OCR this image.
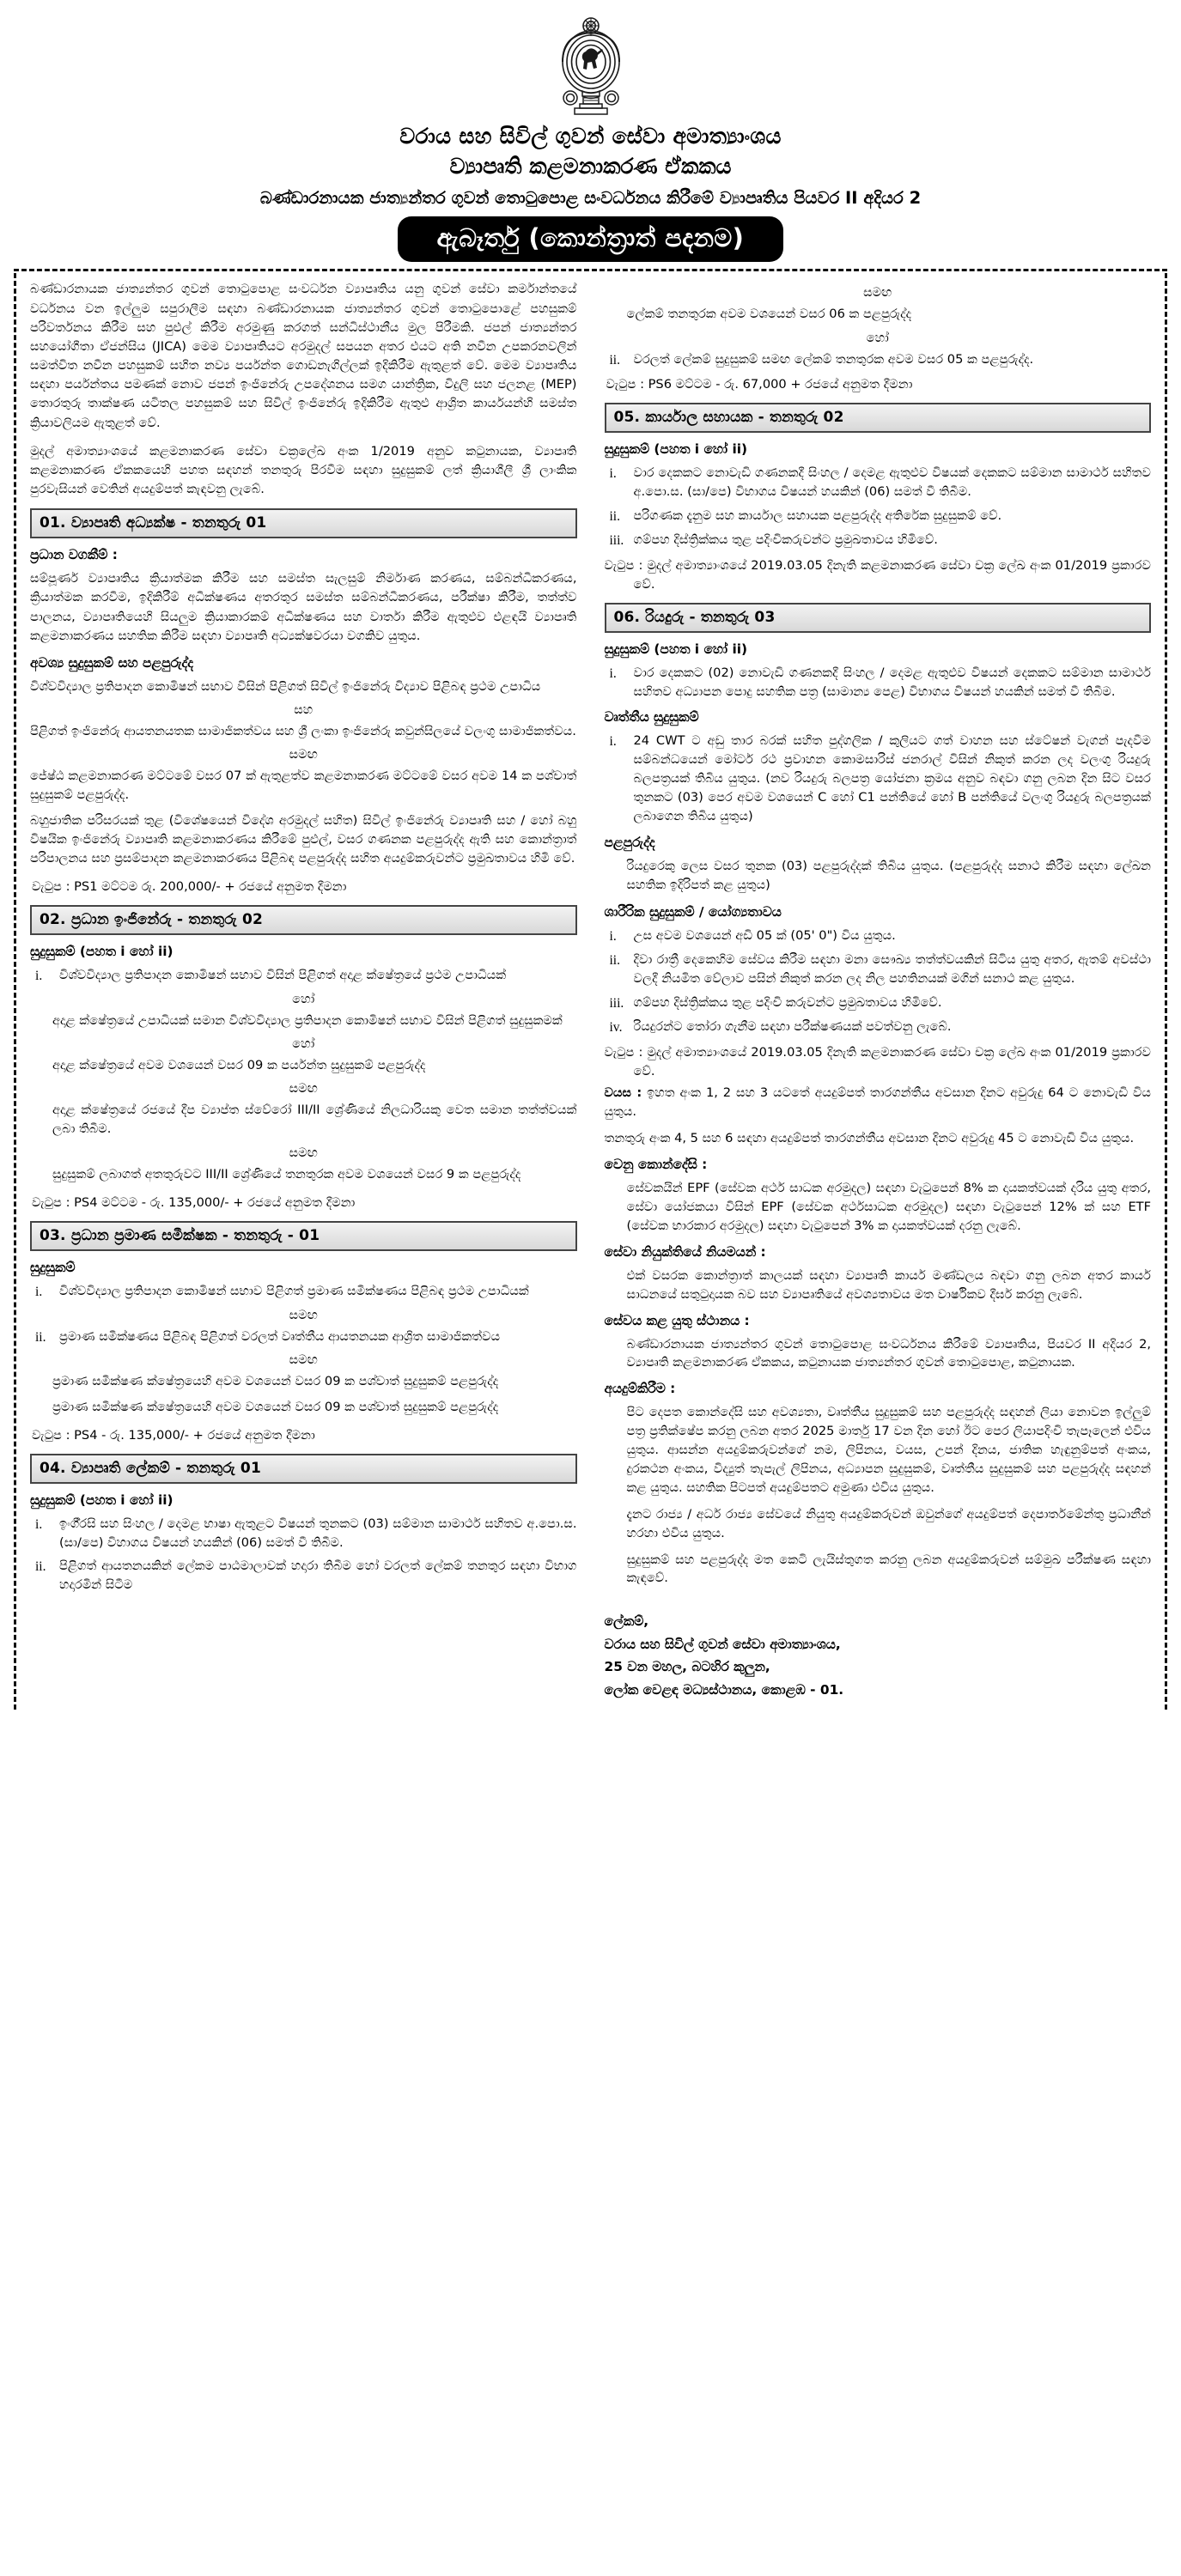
වරාය සහ සිවිල් ගුවන් සේවා අමාත්‍යාංශය
ව්‍යාපෘති කළමනාකරණ ඒකකය
බණ්ඩාරනායක ජාත්‍යන්තර ගුවන් තොටුපොළ සංවර්ධනය කිරීමේ ව්‍යාපෘතිය පියවර II අදියර 2
ඇබෑර්තු (කොන්ත්‍රාත් පදනම)

බණ්ඩාරනායක ජාත්‍යන්තර ගුවන් තොටුපොළ සංවර්ධන ව්‍යාපෘතිය යනු ගුවන් සේවා කර්මාන්තයේ වර්ධනය වන ඉල්ලුම සපුරාලීම සඳහා බණ්ඩාරනායක ජාත්‍යන්තර ගුවන් තොටුපොළේ පහසුකම් පරිවර්තනය කිරීම සහ පුළුල් කිරීම අරමුණු කරගත් සන්ධිස්ථානීය මුල පිරීමකි. ජපන් ජාත්‍යන්තර සහයෝගීතා ඒජන්සිය (JICA) මෙම ව්‍යාපෘතියට අරමුදල් සපයන අතර එයට අති නවීන උපකරනවලින් සමත්විත නවීන පහසුකම් සහිත නව්‍ය පර්යන්ත ගොඩනැගිල්ලක් ඉදිකිරීම ඇතුළත් වේ. මෙම ව්‍යාපෘතිය සඳහා පර්යන්තය පමණක් නොව ජපන් ඉංජිනේරු උපදේශනය සමග යාන්ත්‍රික, විදුලි සහ ජලනළ (MEP) තොරතුරු තාක්ෂණ යටිතල පහසුකම් සහ සිවිල් ඉංජිනේරු ඉදිකිරීම ඇතුළු ආශ්‍රිත කාර්යයන්හි සමස්ත ක්‍රියාවලියම ඇතුළත් වේ.

මුදල් අමාත්‍යාංශයේ කළමනාකරණ සේවා චක්‍රලේඛ අංක 1/2019 අනුව කටුනායක, ව්‍යාපෘති කළමනාකරණ ඒකකයෙහි පහත සඳහන් තනතුරු පිරවීම සඳහා සුදුසුකම් ලත් ක්‍රියාශීලී ශ්‍රී ලාංකික පුරවැසියන් වෙතින් අයදුම්පත් කැඳවනු ලැබේ.

01. ව්‍යාපෘති අධ්‍යක්ෂ - තනතුරු 01
ප්‍රධාන වගකීම් :

සම්පූර්ණ ව්‍යාපෘතිය ක්‍රියාත්මක කිරීම සහ සමස්ත සැලසුම් නිර්මාණ කරණය, සම්බන්ධීකරණය, ක්‍රියාත්මක කරවීම, ඉදිකිරීම් අධීක්ෂණය අතරතුර සමස්ත සම්බන්ධීකරණය, පරීක්ෂා කිරීම, තත්ත්ව පාලනය, ව්‍යාපෘතියෙහි සියලුම ක්‍රියාකාරකම් අධීක්ෂණය සහ වාර්තා කිරීම ඇතුළුව එළඳයි ව්‍යාපෘති කළමනාකරණය සහතික කිරීම සඳහා ව්‍යාපෘති අධ්‍යක්ෂවරයා වගකිව යුතුය.

අවශ්‍ය සුදුසුකම් සහ පළපුරුද්ද

විශ්වවිද්‍යාල ප්‍රතිපාදන කොමිෂන් සභාව විසින් පිළිගත් සිවිල් ඉංජිනේරු විද්‍යාව පිළිබඳ ප්‍රථම උපාධිය

සහ

පිළිගත් ඉංජිනේරු ආයතනයතක සාමාජිකත්වය සහ ශ්‍රී ලංකා ඉංජිනේරු කවුන්සිලයේ වලංගු සාමාජිකත්වය.

සමඟ

ජේෂ්ඨ කළමනාකරණ මට්ටමේ වසර 07 ක් ඇතුළත්ව කළමනාකරණ මට්ටමේ වසර අවම 14 ක පශ්චාත් සුදුසුකම් පළපුරුද්ද.

බහුජාතික පරිසරයක් තුළ (විශේෂයෙන් විදේශ අරමුදල් සහිත) සිවිල් ඉංජිනේරු ව්‍යාපෘති සහ / හෝ බහු විෂයික ඉංජිනේරු ව්‍යාපෘති කළමනාකරණය කිරීමේ පුළුල්, වසර ගණනක පළපුරුද්ද ඇති සහ කොන්ත්‍රාත් පරිපාලනය සහ ප්‍රසම්පාදන කළමනාකරණය පිළිබඳ පළපුරුද්ද සහිත අයදුම්කරුවන්ට ප්‍රමුඛතාවය හිමි වේ.

වැටුප : PS1 මට්ටම රු. 200,000/- + රජයේ අනුමත දීමනා
02. ප්‍රධාන ඉංජිනේරු - තනතුරු 02
සුදුසුකම් (පහත i හෝ ii)
විශ්වවිද්‍යාල ප්‍රතිපාදන කොමිෂන් සභාව විසින් පිළිගත් අදාළ ක්ෂේත්‍රයේ ප්‍රථම උපාධියක්
හෝ

අදාළ ක්ෂේත්‍රයේ උපාධියක් සමාන විශ්වවිද්‍යාල ප්‍රතිපාදන කොමිෂන් සභාව විසින් පිළිගත් සුදුසුකමක්

හෝ

අදාළ ක්ෂේත්‍රයේ අවම වශයෙන් වසර 09 ක පර්යන්ත සුදුසුකම් පළපුරුද්ද

සමඟ

අදාළ ක්ෂේත්‍රයේ රජයේ දීප ව්‍යාප්ත ස්වේරෝ III/II ශ්‍රේණියේ නිලධාරියකු වෙත සමාන තත්ත්වයක් ලබා තිබීම.

සමඟ

සුදුසුකම් ලබාගත් අතතුරුවට III/II ශ්‍රේණියේ තනතුරක අවම වශයෙන් වසර 9 ක පළපුරුද්ද

වැටුප : PS4 මට්ටම - රු. 135,000/- + රජයේ අනුමත දීමනා
03. ප්‍රධාන ප්‍රමාණ සමීක්ෂක - තනතුරු - 01
සුදුසුකම්
විශ්වවිද්‍යාල ප්‍රතිපාදන කොමිෂන් සභාව පිළිගත් ප්‍රමාණ සමීක්ෂණය පිළිබඳ ප්‍රථම උපාධියක්
සමඟ
ප්‍රමාණ සමීක්ෂණය පිළිබඳ පිළිගත් වරලත් වෘත්තීය ආයතනයක ආශ්‍රිත සාමාජිකත්වය
සමඟ

ප්‍රමාණ සමීක්ෂණ ක්ෂේත්‍රයෙහි අවම වශයෙන් වසර 09 ක පශ්චාත් සුදුසුකම් පළපුරුද්ද

ප්‍රමාණ සමීක්ෂණ ක්ෂේත්‍රයෙහි අවම වශයෙන් වසර 09 ක පශ්චාත් සුදුසුකම් පළපුරුද්ද

වැටුප : PS4 - රු. 135,000/- + රජයේ අනුමත දීමනා
04. ව්‍යාපෘති ලේකම් - තනතුරු 01
සුදුසුකම් (පහත i හෝ ii)
ඉංගී්‍රසි සහ සිංහල / දෙමළ භාෂා ඇතුළට විෂයන් තුනකට (03) සම්මාන සාමාර්ථ සහිතව අ.පො.ස. (සා/පෙ) විහාගය විෂයන් හයකින් (06) සමත් වී තිබීම.
පිළිගත් ආයතනයකින් ලේකම පාඨමාලාවක් හදාරා තිබීම හෝ වරලත් ලේකම් තනතුර සඳහා විභාග හදාරමින් සිටීම
සමඟ

ලේකම් තනතුරක අවම වශයෙන් වසර 06 ක පළපුරුද්ද

හෝ
වරලත් ලේකම් සුදුසුකම් සමඟ ලේකම් තනතුරක අවම වසර 05 ක පළපුරුද්ද.
වැටුප : PS6 මට්ටම - රු. 67,000 + රජයේ අනුමත දීමනා
05. කාර්යාල සහායක - තනතුරු 02
සුදුසුකම් (පහත i හෝ ii)
වාර දෙකකට නොවැඩි ගණනකදී සිංහල / දෙමළ ඇතුළුව විෂයක් දෙකකට සම්මාන සාමාර්ථ සහිතව අ.පො.ස. (සා/පෙ) විභාගය විෂයන් හයකින් (06) සමත් වී තිබීම.
පරිගණක දැනුම සහ කාර්යාල සහායක පළපුරුද්ද අතිරේක සුදුසුකම් වේ.
ගම්පහ දිස්ත්‍රික්කය තුළ පදිංචිකරුවන්ට ප්‍රමුඛතාවය හිමිවේ.
වැටුප : මුදල් අමාත්‍යාංශයේ 2019.03.05 දිනැති කළමනාකරණ සේවා චක්‍ර ලේඛ අංක 01/2019 ප්‍රකාරව වේ.
06. රියදුරු - තනතුරු 03
සුදුසුකම් (පහත i හෝ ii)
වාර දෙකකට (02) නොවැඩි ගණනකදී සිංහල / දෙමළ ඇතුළුව විෂයන් දෙකකට සම්මාන සාමාර්ථ සහිතව අධ්‍යාපන පොදු සහතික පත්‍ර (සාමාන්‍ය පෙළ) විභාගය විෂයන් හයකින් සමත් වී තිබීම.
වෘත්තීය සුදුසුකම්
24 CWT ට අඩු තාර බරක් සහිත පුද්ගලික / කුලියට ගත් වාහන සහ ස්ටේෂන් වැගන් පැදවීම සම්බන්ධයෙන් මෝටර් රථ ප්‍රවාහන කොමසාරිස් ජනරාල් විසින් නිකුත් කරන ලද වලංගු රියදුරු බලපත්‍රයක් තිබිය යුතුය. (නව රියදුරු බලපත්‍ර යෝජනා ක්‍රමය අනුව බඳවා ගනු ලබන දින සිට වසර තුනකට (03) පෙර අවම වශයෙන් C හෝ C1 පන්තියේ හෝ B පන්තියේ වලංගු රියදුරු බලපත්‍රයක් ලබාගෙන තිබිය යුතුය)
පළපුරුද්ද

රියදුරෙකු ලෙස වසර තුනක (03) පළපුරුද්දක් තිබිය යුතුය. (පළපුරුද්ද සනාථ කිරීම සඳහා ලේඛන සහතික ඉදිරිපත් කළ යුතුය)

ශාරීරික සුදුසුකම් / යෝග්‍යතාවය
උස අවම වශයෙන් අඩි 05 ක් (05' 0") විය යුතුය.
දිවා රාත්‍රී දෙකෙහිම සේවය කිරීම සඳහා මනා සෞඛ්‍ය තත්ත්වයකින් සිටිය යුතු අතර, ඇතම් අවස්ථා වලදී නියමිත වේලාව පසින් නිකුත් කරන ලද නිල පහතිනයක් මගින් සනාථ කළ යුතුය.
ගම්පහ දිස්ත්‍රික්කය තුළ පදිංචි කරුවන්ට ප්‍රමුඛතාවය හිමිවේ.
රියදුරන්ට තෝරා ගැනීම සඳහා පරීක්ෂණයක් පවත්වනු ලැබේ.
වැටුප : මුදල් අමාත්‍යාංශයේ 2019.03.05 දිනැති කළමනාකරණ සේවා චක්‍ර ලේඛ අංක 01/2019 ප්‍රකාරව වේ.

වයස : ඉහත අංක 1, 2 සහ 3 යටතේ අයදුම්පත් තාරගන්තීය අවසාන දිනට අවුරුදු 64 ට නොවැඩි විය යුතුය.

තනතුරු අංක 4, 5 සහ 6 සඳහා අයදුම්පත් තාරගන්තීය අවසාන දිනට අවුරුදු 45 ට නොවැඩි විය යුතුය.

වෙනු කොන්දේසි :

සේවකයින් EPF (සේවක අර්ථ සාධක අරමුදල) සඳහා වැටුපෙන් 8% ක දායකත්වයක් දරිය යුතු අතර, සේවා යෝජකයා විසින් EPF (සේවක අර්ථසාධක අරමුදල) සඳහා වැටුපෙන් 12% ක් සහ ETF (සේවක භාරකාර අරමුදල) සඳහා වැටුපෙන් 3% ක දායකත්වයක් දරනු ලැබේ.

සේවා නියුක්තියේ නියමයන් :

එක් වසරක කොන්ත්‍රාත් කාලයක් සඳහා ව්‍යාපෘති කාර්ය මණ්ඩලය බඳවා ගනු ලබන අතර කාර්ය සාධනයේ සතුටුදායක බව සහ ව්‍යාපෘතියේ අවශ්‍යතාවය මත වාර්ෂිකව දීර්ඝ කරනු ලැබේ.

සේවය කළ යුතු ස්ථානය :

බණ්ඩාරනායක ජාත්‍යන්තර ගුවන් තොටුපොළ සංවර්ධනය කිරීමේ ව්‍යාපෘතිය, පියවර II අදියර 2, ව්‍යාපෘති කළමනාකරණ ඒකකය, කටුනායක ජාත්‍යන්තර ගුවන් තොටුපොළ, කටුනායක.

අයදුම්කිරීම :

පිට දෙපත කොන්දේසි සහ අවශ්‍යතා, වෘත්තීය සුදුසුකම් සහ පළපුරුද්ද සඳහන් ලියා නොවන ඉල්ලුම් පත්‍ර ප්‍රතික්ෂේප කරනු ලබන අතර 2025 මාර්තු 17 වන දින හෝ ඊට පෙර ලියාපදිංචි තැපෑලෙන් එවිය යුතුය. ආසන්න අයදුම්කරුවන්ගේ නම, ලිපිනය, වයස, උපන් දිනය, ජාතික හැඳුනුම්පත් අංකය, දුරකථන අංකය, විද්‍යුත් තැපැල් ලිපිනය, අධ්‍යාපන සුදුසුකම්, වෘත්තීය සුදුසුකම් සහ පළපුරුද්ද සඳහන් කළ යුතුය. සහතික පිටපත් අයදුම්පතට අමුණා එවිය යුතුය.

දැනට රාජ්‍ය / අර්ධ රාජ්‍ය සේවයේ නියුතු අයදුම්කරුවන් ඔවුන්ගේ අයදුම්පත් දෙපාර්තමේන්තු ප්‍රධානීන් හරහා එවිය යුතුය.

සුදුසුකම් සහ පළපුරුද්ද මත කෙටි ලැයිස්තුගත කරනු ලබන අයදුම්කරුවන් සම්මුඛ පරීක්ෂණ සඳහා කැඳවේ.

ලේකම්,
වරාය සහ සිවිල් ගුවන් සේවා අමාත්‍යාංශය,
25 වන මහල, බටහිර කුලුන,
ලෝක වෙළඳ මධ්‍යස්ථානය, කොළඹ - 01.
